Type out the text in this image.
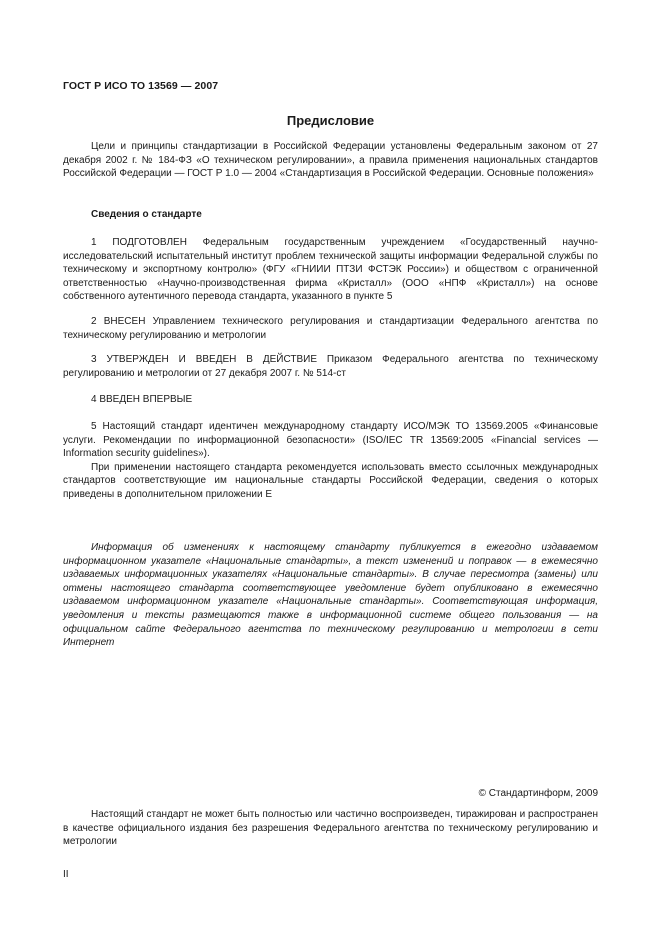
ГОСТ Р ИСО ТО 13569 — 2007
Предисловие

Цели и принципы стандартизации в Российской Федерации установлены Федеральным законом от 27 декабря 2002 г. № 184-ФЗ «О техническом регулировании», а правила применения национальных стандартов Российской Федерации — ГОСТ Р 1.0 — 2004 «Стандартизация в Российской Федерации. Основные положения»

Сведения о стандарте

1 ПОДГОТОВЛЕН Федеральным государственным учреждением «Государственный научно-исследовательский испытательный институт проблем технической защиты информации Федеральной службы по техническому и экспортному контролю» (ФГУ «ГНИИИ ПТЗИ ФСТЭК России») и обществом с ограниченной ответственностью «Научно-производственная фирма «Кристалл» (ООО «НПФ «Кристалл») на основе собственного аутентичного перевода стандарта, указанного в пункте 5

2 ВНЕСЕН Управлением технического регулирования и стандартизации Федерального агентства по техническому регулированию и метрологии

3 УТВЕРЖДЕН И ВВЕДЕН В ДЕЙСТВИЕ Приказом Федерального агентства по техническому регулированию и метрологии от 27 декабря 2007 г. № 514-ст

4 ВВЕДЕН ВПЕРВЫЕ

5 Настоящий стандарт идентичен международному стандарту ИСО/МЭК ТО 13569.2005 «Финансовые услуги. Рекомендации по информационной безопасности» (ISO/IEC TR 13569:2005 «Financial services — Information security guidelines»).

При применении настоящего стандарта рекомендуется использовать вместо ссылочных международных стандартов соответствующие им национальные стандарты Российской Федерации, сведения о которых приведены в дополнительном приложении Е

Информация об изменениях к настоящему стандарту публикуется в ежегодно издаваемом информационном указателе «Национальные стандарты», а текст изменений и поправок — в ежемесячно издаваемых информационных указателях «Национальные стандарты». В случае пересмотра (замены) или отмены настоящего стандарта соответствующее уведомление будет опубликовано в ежемесячно издаваемом информационном указателе «Национальные стандарты». Соответствующая информация, уведомления и тексты размещаются также в информационной системе общего пользования — на официальном сайте Федерального агентства по техническому регулированию и метрологии в сети Интернет

© Стандартинформ, 2009

Настоящий стандарт не может быть полностью или частично воспроизведен, тиражирован и распространен в качестве официального издания без разрешения Федерального агентства по техническому регулированию и метрологии

II
